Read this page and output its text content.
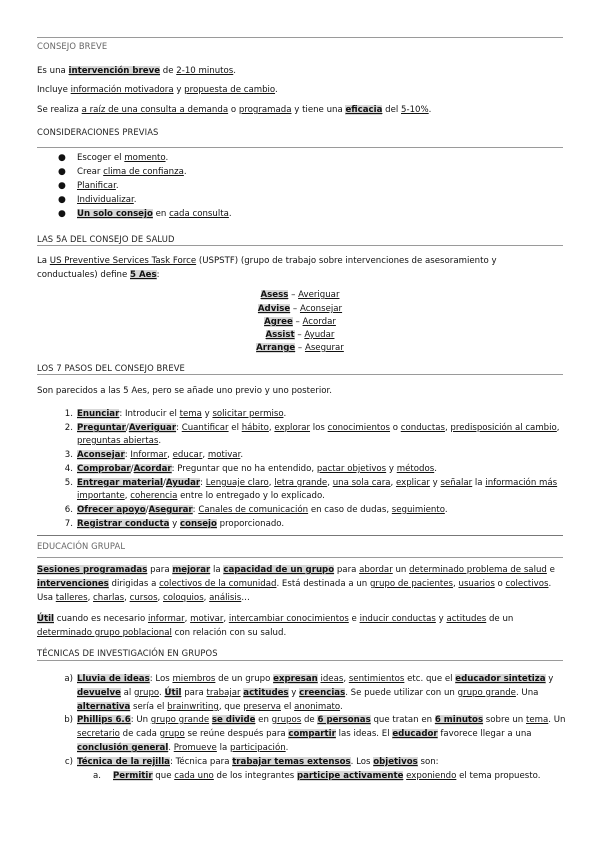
CONSEJO BREVE
Es una intervención breve de 2-10 minutos.
Incluye información motivadora y propuesta de cambio.
Se realiza a raíz de una consulta a demanda o programada y tiene una eficacia del 5-10%.
CONSIDERACIONES PREVIAS
● Escoger el momento.
● Crear clima de confianza.
● Planificar.
● Individualizar.
● Un solo consejo en cada consulta.
LAS 5A DEL CONSEJO DE SALUD
La US Preventive Services Task Force (USPSTF) (grupo de trabajo sobre intervenciones de asesoramiento y
conductuales) define 5 Aes:
Asess – Averiguar
Advise – Aconsejar
Agree – Acordar
Assist – Ayudar
Arrange – Asegurar
LOS 7 PASOS DEL CONSEJO BREVE
Son parecidos a las 5 Aes, pero se añade uno previo y uno posterior.
1. Enunciar: Introducir el tema y solicitar permiso.
2. Preguntar/Averiguar: Cuantificar el hábito, explorar los conocimientos o conductas, predisposición al cambio,
preguntas abiertas.
3. Aconsejar: Informar, educar, motivar.
4. Comprobar/Acordar: Preguntar que no ha entendido, pactar objetivos y métodos.
5. Entregar material/Ayudar: Lenguaje claro, letra grande, una sola cara, explicar y señalar la información más
importante, coherencia entre lo entregado y lo explicado.
6. Ofrecer apoyo/Asegurar: Canales de comunicación en caso de dudas, seguimiento.
7. Registrar conducta y consejo proporcionado.
EDUCACIÓN GRUPAL
Sesiones programadas para mejorar la capacidad de un grupo para abordar un determinado problema de salud e
intervenciones dirigidas a colectivos de la comunidad. Está destinada a un grupo de pacientes, usuarios o colectivos.
Usa talleres, charlas, cursos, coloquios, análisis…
Útil cuando es necesario informar, motivar, intercambiar conocimientos e inducir conductas y actitudes de un
determinado grupo poblacional con relación con su salud.
TÉCNICAS DE INVESTIGACIÓN EN GRUPOS
a) Lluvia de ideas: Los miembros de un grupo expresan ideas, sentimientos etc. que el educador sintetiza y
devuelve al grupo. Útil para trabajar actitudes y creencias. Se puede utilizar con un grupo grande. Una
alternativa sería el brainwriting, que preserva el anonimato.
b) Phillips 6.6: Un grupo grande se divide en grupos de 6 personas que tratan en 6 minutos sobre un tema. Un
secretario de cada grupo se reúne después para compartir las ideas. El educador favorece llegar a una
conclusión general. Promueve la participación.
c) Técnica de la rejilla: Técnica para trabajar temas extensos. Los objetivos son:
a. Permitir que cada uno de los integrantes participe activamente exponiendo el tema propuesto.
